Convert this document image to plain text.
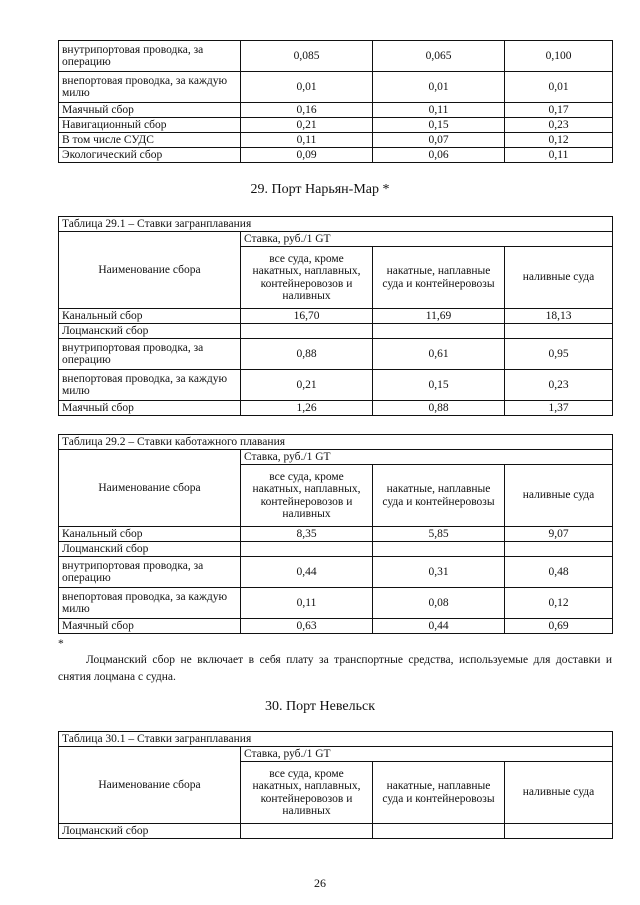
внутрипортовая проводка, за операцию	0,085	0,065	0,100
внепортовая проводка, за каждую милю	0,01	0,01	0,01
Маячный сбор	0,16	0,11	0,17
Навигационный сбор	0,21	0,15	0,23
В том числе СУДС	0,11	0,07	0,12
Экологический сбор	0,09	0,06	0,11
29. Порт Нарьян-Мар *
Таблица 29.1 – Ставки загранплавания			
Наименование сбора	Ставка, руб./1 GT		
	все суда, кроме накатных, наплавных, контейнеровозов и наливных	накатные, наплавные суда и контейнеровозы	наливные суда
Канальный сбор	16,70	11,69	18,13
Лоцманский сбор			
внутрипортовая проводка, за операцию	0,88	0,61	0,95
внепортовая проводка, за каждую милю	0,21	0,15	0,23
Маячный сбор	1,26	0,88	1,37
Таблица 29.2 – Ставки каботажного плавания			
Наименование сбора	Ставка, руб./1 GT		
	все суда, кроме накатных, наплавных, контейнеровозов и наливных	накатные, наплавные суда и контейнеровозы	наливные суда
Канальный сбор	8,35	5,85	9,07
Лоцманский сбор			
внутрипортовая проводка, за операцию	0,44	0,31	0,48
внепортовая проводка, за каждую милю	0,11	0,08	0,12
Маячный сбор	0,63	0,44	0,69
*
Лоцманский сбор не включает в себя плату за транспортные средства, используемые для доставки и снятия лоцмана с судна.
30. Порт Невельск
Таблица 30.1 – Ставки загранплавания			
Наименование сбора	Ставка, руб./1 GT		
	все суда, кроме накатных, наплавных, контейнеровозов и наливных	накатные, наплавные суда и контейнеровозы	наливные суда
Лоцманский сбор			
26
